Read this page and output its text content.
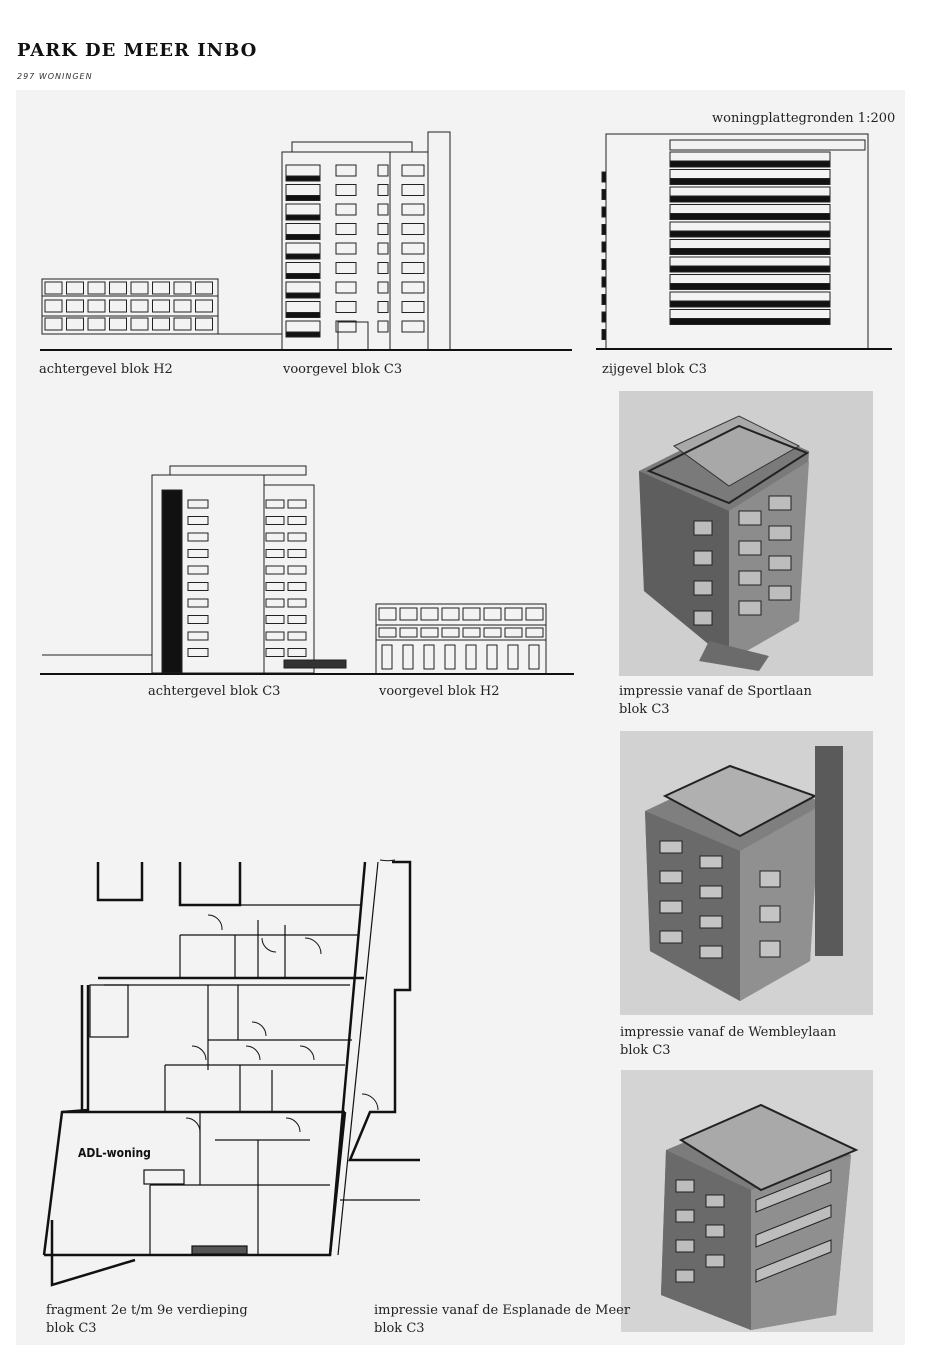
PARK DE MEER INBO
297 WONINGEN
woningplattegronden 1:200
ADL-woning
achtergevel blok H2	voorgevel blok C3	zijgevel blok C3
achtergevel blok C3	voorgevel blok H2	impressie vanaf de Sportlaan
blok C3
impressie vanaf de Wembleylaan
blok C3
fragment 2e t/m 9e verdieping
blok C3
impressie vanaf de Esplanade de Meer
blok C3
